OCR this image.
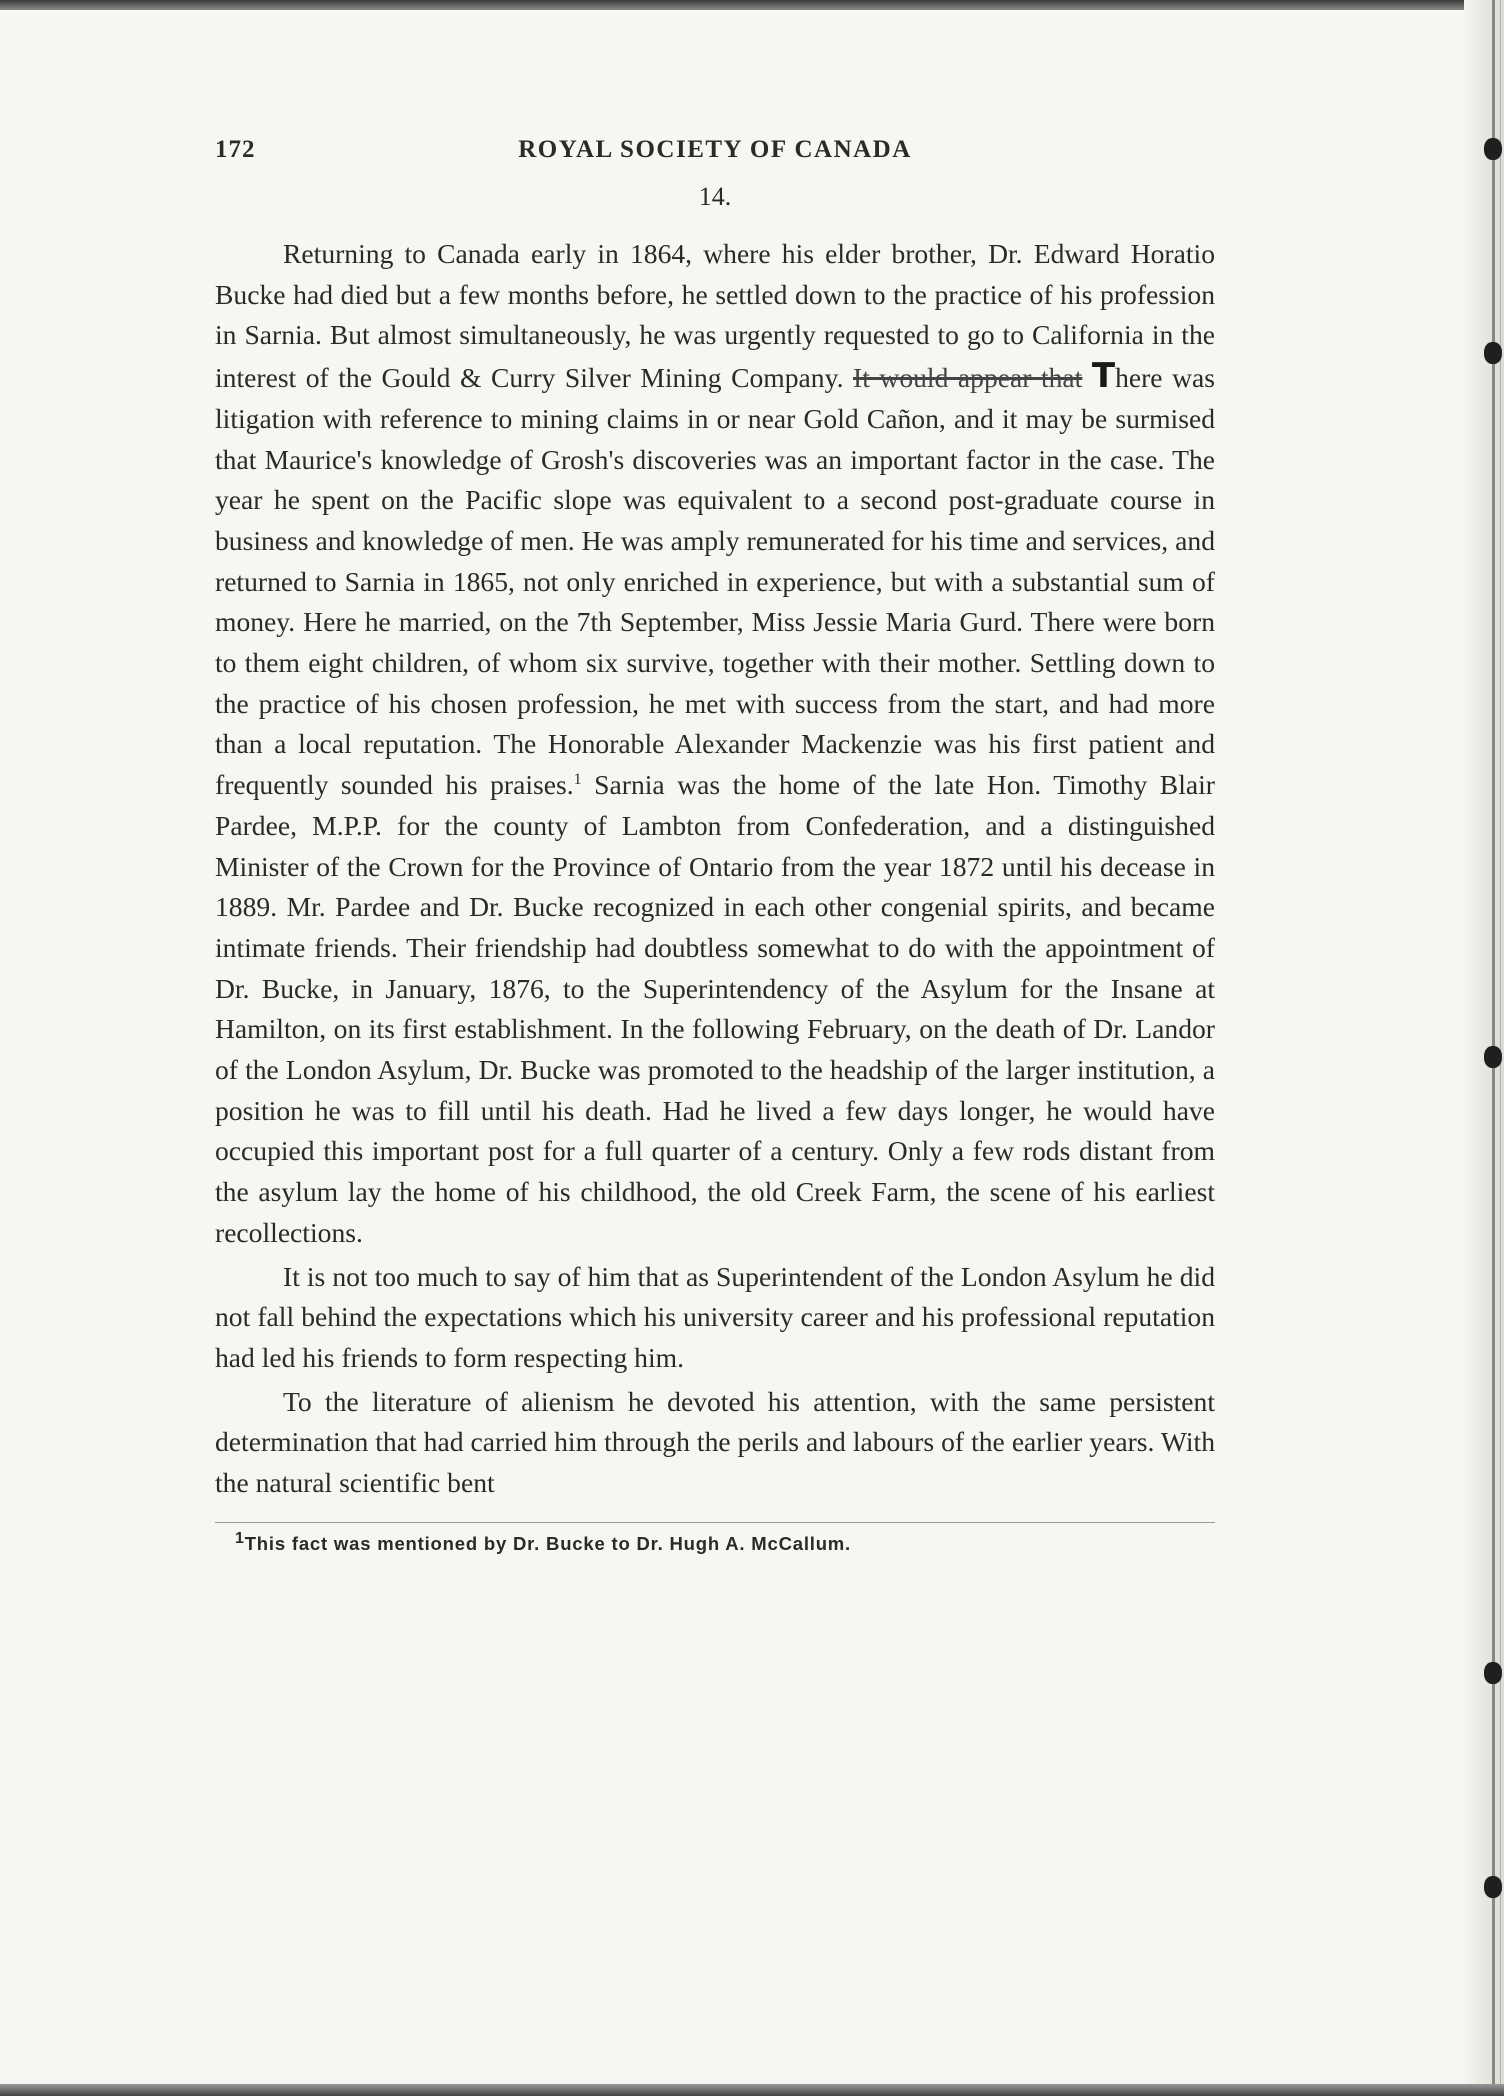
172	ROYAL SOCIETY OF CANADA
14.

Returning to Canada early in 1864, where his elder brother, Dr. Edward Horatio Bucke had died but a few months before, he settled down to the practice of his profession in Sarnia. But almost simultaneously, he was urgently requested to go to California in the interest of the Gould & Curry Silver Mining Company. It would appear that There was litigation with reference to mining claims in or near Gold Cañon, and it may be surmised that Maurice's knowledge of Grosh's discoveries was an important factor in the case. The year he spent on the Pacific slope was equivalent to a second post-graduate course in business and knowledge of men. He was amply remunerated for his time and services, and returned to Sarnia in 1865, not only enriched in experience, but with a substantial sum of money. Here he married, on the 7th September, Miss Jessie Maria Gurd. There were born to them eight children, of whom six survive, together with their mother. Settling down to the practice of his chosen profession, he met with success from the start, and had more than a local reputation. The Honorable Alexander Mackenzie was his first patient and frequently sounded his praises.$^1$ Sarnia was the home of the late Hon. Timothy Blair Pardee, M.P.P. for the county of Lambton from Confederation, and a distinguished Minister of the Crown for the Province of Ontario from the year 1872 until his decease in 1889. Mr. Pardee and Dr. Bucke recognized in each other congenial spirits, and became intimate friends. Their friendship had doubtless somewhat to do with the appointment of Dr. Bucke, in January, 1876, to the Superintendency of the Asylum for the Insane at Hamilton, on its first establishment. In the following February, on the death of Dr. Landor of the London Asylum, Dr. Bucke was promoted to the headship of the larger institution, a position he was to fill until his death. Had he lived a few days longer, he would have occupied this important post for a full quarter of a century. Only a few rods distant from the asylum lay the home of his childhood, the old Creek Farm, the scene of his earliest recollections.

It is not too much to say of him that as Superintendent of the London Asylum he did not fall behind the expectations which his university career and his professional reputation had led his friends to form respecting him.

To the literature of alienism he devoted his attention, with the same persistent determination that had carried him through the perils and labours of the earlier years. With the natural scientific bent

1This fact was mentioned by Dr. Bucke to Dr. Hugh A. McCallum.
